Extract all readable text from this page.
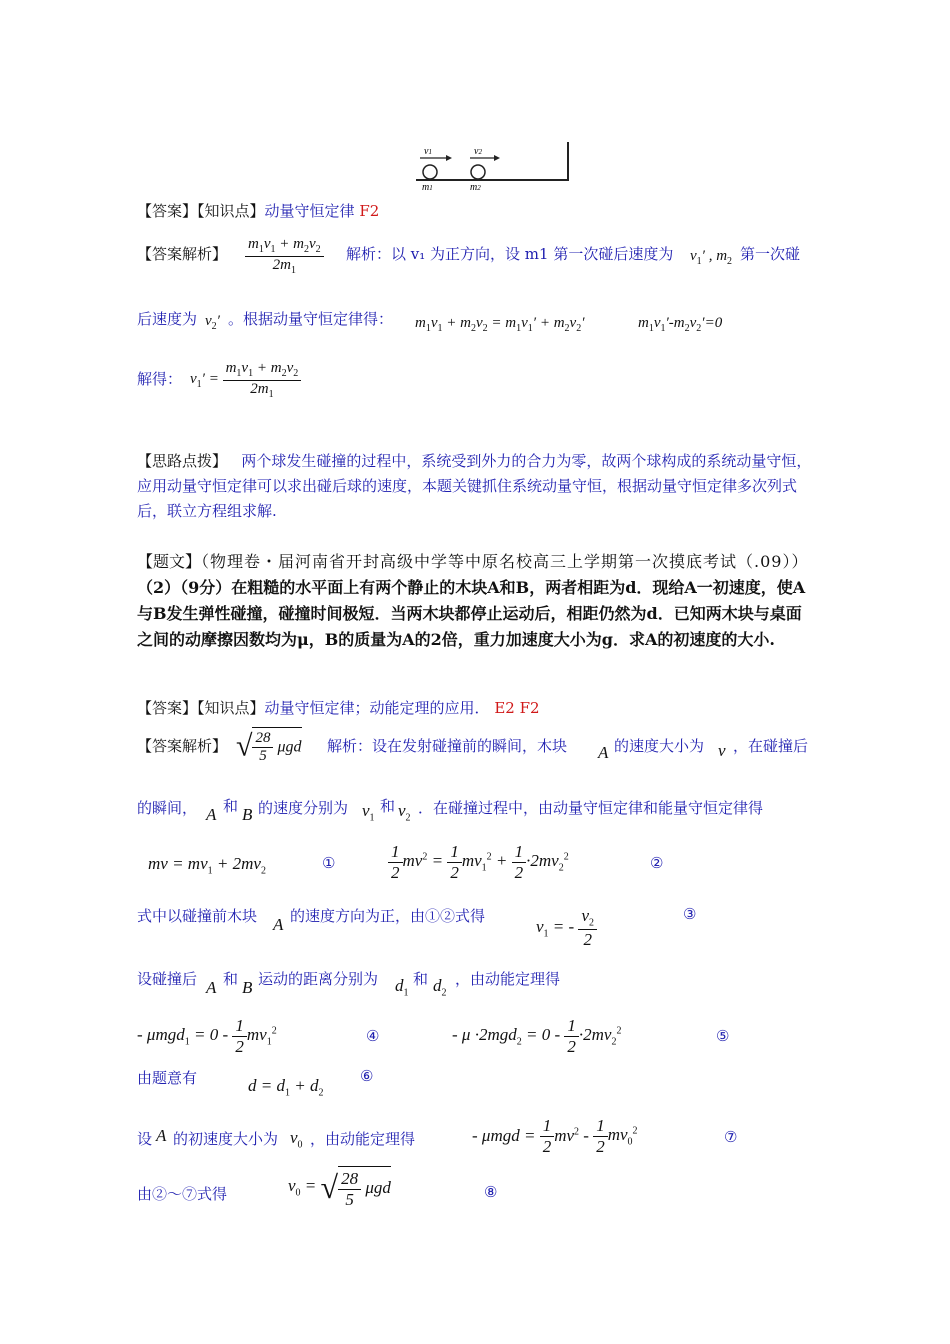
v1	v2
m1	m2
【答案】【知识点】动量守恒定律 F2
【答案解析】 $\frac{m_1v_1 + m_2v_2}{2m_1}$ 解析：以 v₁ 为正方向，设 m1 第一次碰后速度为 $v_1'$ , $m_2$ 第一次碰
后速度为 $v_2'$ 。根据动量守恒定律得： $m_1v_1 + m_2v_2 = m_1v_1' + m_2v_2'$	$m_1v_1'-m_2v_2'=0$
解得： $v_1' = \frac{m_1v_1 + m_2v_2}{2m_1}$
【思路点拨】 两个球发生碰撞的过程中，系统受到外力的合力为零，故两个球构成的系统动量守恒，应用动量守恒定律可以求出碰后球的速度，本题关键抓住系统动量守恒，根据动量守恒定律多次列式后，联立方程组求解.
【题文】（物理卷・届河南省开封高级中学等中原名校高三上学期第一次摸底考试（.09））（2）（9分）在粗糙的水平面上有两个静止的木块A和B，两者相距为d．现给A一初速度，使A与B发生弹性碰撞，碰撞时间极短．当两木块都停止运动后，相距仍然为d．已知两木块与桌面之间的动摩擦因数均为μ，B的质量为A的2倍，重力加速度大小为g．求A的初速度的大小.
【答案】【知识点】动量守恒定律；动能定理的应用． E2 F2
【答案解析】 √ $\frac{28}{5}$ μgd 解析：设在发射碰撞前的瞬间，木块 A 的速度大小为 v ，在碰撞后
的瞬间， A 和 B 的速度分别为 $v_1$
和 $v_2$
．在碰撞过程中，由动量守恒定律和能量守恒定律得
mv = $mv_1 + 2mv_2$	①	$\frac{1}{2} mv^2 = \frac{1}{2} mv_1^2 + \frac{1}{2} \cdot 2mv_2^2$	②
式中以碰撞前木块 A 的速度方向为正，由①②式得
$v_1$ = - $\frac{v_2}{2}$	③
设碰撞后 A 和 B 运动的距离分别为 $d_1$
和 $d_2$
，由动能定理得
- $\mu mgd_1 = 0 - \frac{1}{2} mv_1^2$	④	- $\mu \cdot 2mgd_2 = 0 - \frac{1}{2} \cdot 2mv_2^2$	⑤
由题意有	$d = d_1 + d_2$
⑥
设 A 的初速度大小为 $v_0$ ，由动能定理得	- $\mu mgd = \frac{1}{2} mv^2 - \frac{1}{2} mv_0^2$	⑦
由②～⑦式得	$v_0$ = √ $\frac{28}{5}$ μgd	⑧
